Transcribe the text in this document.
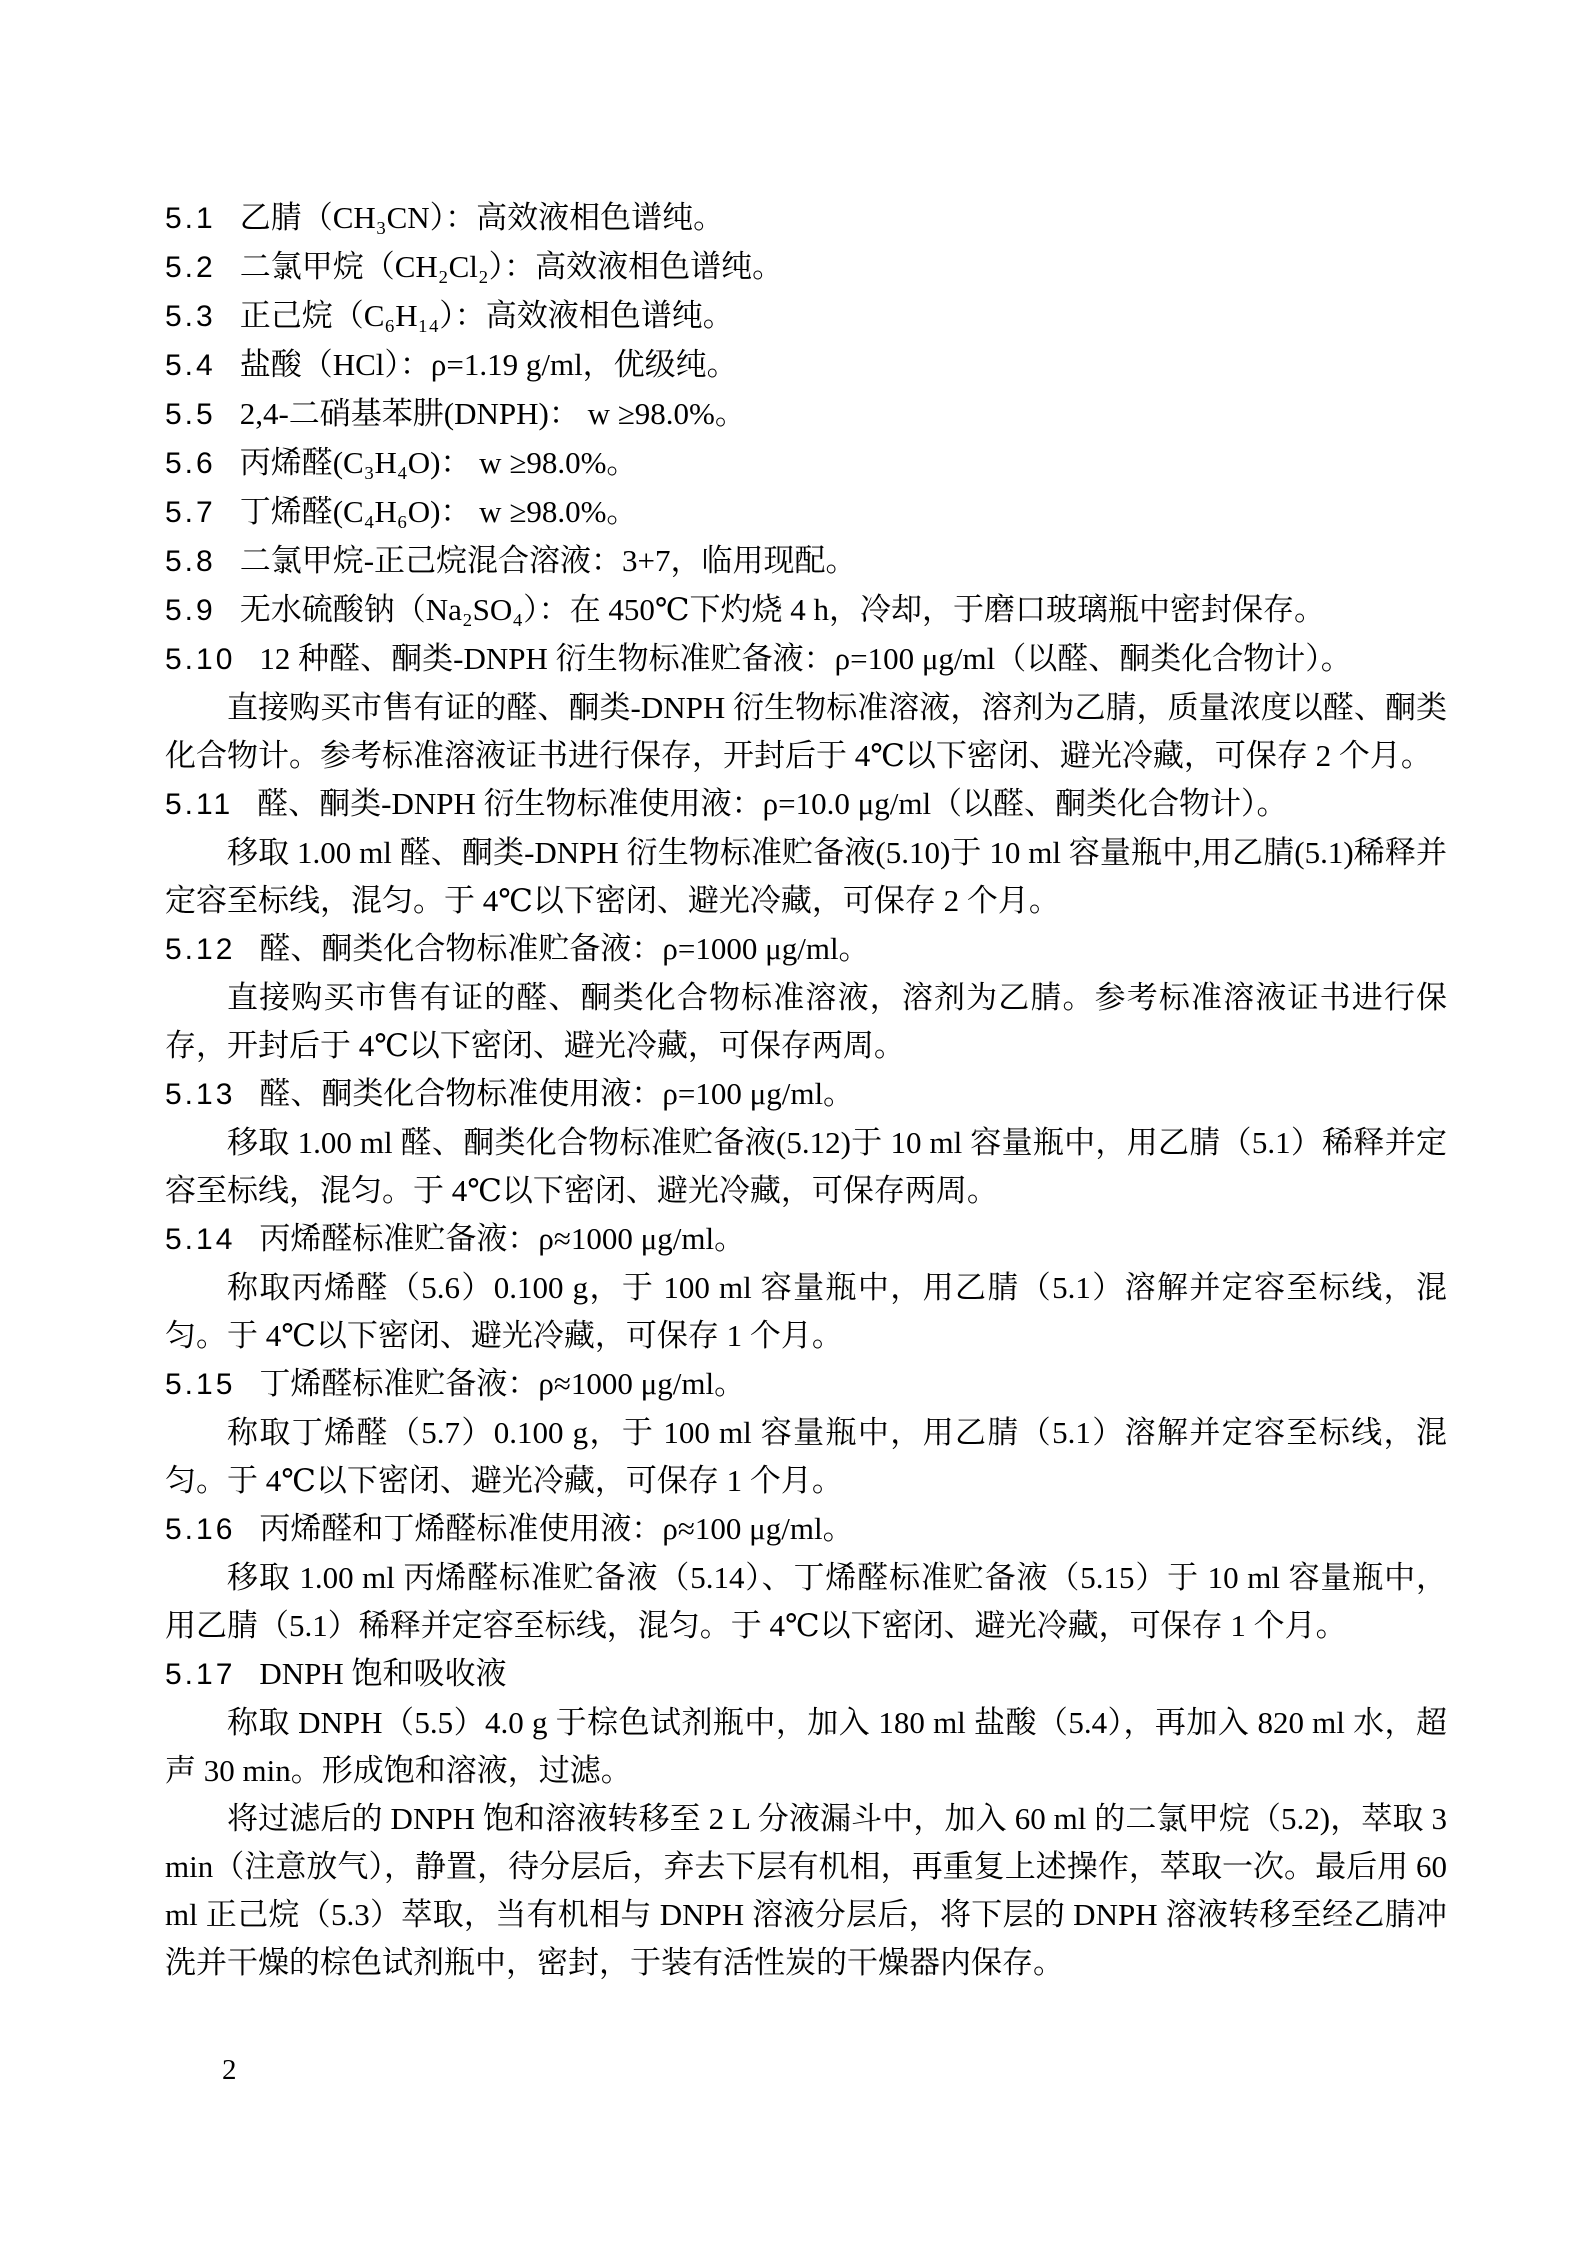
5.1 乙腈（CH₃CN）：高效液相色谱纯。

5.2 二氯甲烷（CH₂Cl₂）：高效液相色谱纯。

5.3 正己烷（C₆H₁₄）：高效液相色谱纯。

5.4 盐酸（HCl）：ρ=1.19 g/ml，优级纯。

5.5 2,4-二硝基苯肼(DNPH)： w ≥98.0%。

5.6 丙烯醛(C₃H₄O)： w ≥98.0%。

5.7 丁烯醛(C₄H₆O)： w ≥98.0%。

5.8 二氯甲烷-正己烷混合溶液：3+7，临用现配。

5.9 无水硫酸钠（Na₂SO₄）：在 450℃下灼烧 4 h，冷却，于磨口玻璃瓶中密封保存。

5.10 12 种醛、酮类-DNPH 衍生物标准贮备液：ρ=100 μg/ml（以醛、酮类化合物计）。

直接购买市售有证的醛、酮类-DNPH 衍生物标准溶液，溶剂为乙腈，质量浓度以醛、酮类化合物计。参考标准溶液证书进行保存，开封后于 4℃以下密闭、避光冷藏，可保存 2 个月。

5.11 醛、酮类-DNPH 衍生物标准使用液：ρ=10.0 μg/ml（以醛、酮类化合物计）。

移取 1.00 ml 醛、酮类-DNPH 衍生物标准贮备液(5.10)于 10 ml 容量瓶中,用乙腈(5.1)稀释并定容至标线，混匀。于 4℃以下密闭、避光冷藏，可保存 2 个月。

5.12 醛、酮类化合物标准贮备液：ρ=1000 μg/ml。

直接购买市售有证的醛、酮类化合物标准溶液，溶剂为乙腈。参考标准溶液证书进行保存，开封后于 4℃以下密闭、避光冷藏，可保存两周。

5.13 醛、酮类化合物标准使用液：ρ=100 μg/ml。

移取 1.00 ml 醛、酮类化合物标准贮备液(5.12)于 10 ml 容量瓶中，用乙腈（5.1）稀释并定容至标线，混匀。于 4℃以下密闭、避光冷藏，可保存两周。

5.14 丙烯醛标准贮备液：ρ≈1000 μg/ml。

称取丙烯醛（5.6）0.100 g，于 100 ml 容量瓶中，用乙腈（5.1）溶解并定容至标线，混匀。于 4℃以下密闭、避光冷藏，可保存 1 个月。

5.15 丁烯醛标准贮备液：ρ≈1000 μg/ml。

称取丁烯醛（5.7）0.100 g，于 100 ml 容量瓶中，用乙腈（5.1）溶解并定容至标线，混匀。于 4℃以下密闭、避光冷藏，可保存 1 个月。

5.16 丙烯醛和丁烯醛标准使用液：ρ≈100 μg/ml。

移取 1.00 ml 丙烯醛标准贮备液（5.14）、丁烯醛标准贮备液（5.15）于 10 ml 容量瓶中，用乙腈（5.1）稀释并定容至标线，混匀。于 4℃以下密闭、避光冷藏，可保存 1 个月。

5.17 DNPH 饱和吸收液

称取 DNPH（5.5）4.0 g 于棕色试剂瓶中，加入 180 ml 盐酸（5.4），再加入 820 ml 水，超声 30 min。形成饱和溶液，过滤。

将过滤后的 DNPH 饱和溶液转移至 2 L 分液漏斗中，加入 60 ml 的二氯甲烷（5.2)，萃取 3 min（注意放气），静置，待分层后，弃去下层有机相，再重复上述操作，萃取一次。最后用 60 ml 正己烷（5.3）萃取，当有机相与 DNPH 溶液分层后，将下层的 DNPH 溶液转移至经乙腈冲洗并干燥的棕色试剂瓶中，密封，于装有活性炭的干燥器内保存。

2
